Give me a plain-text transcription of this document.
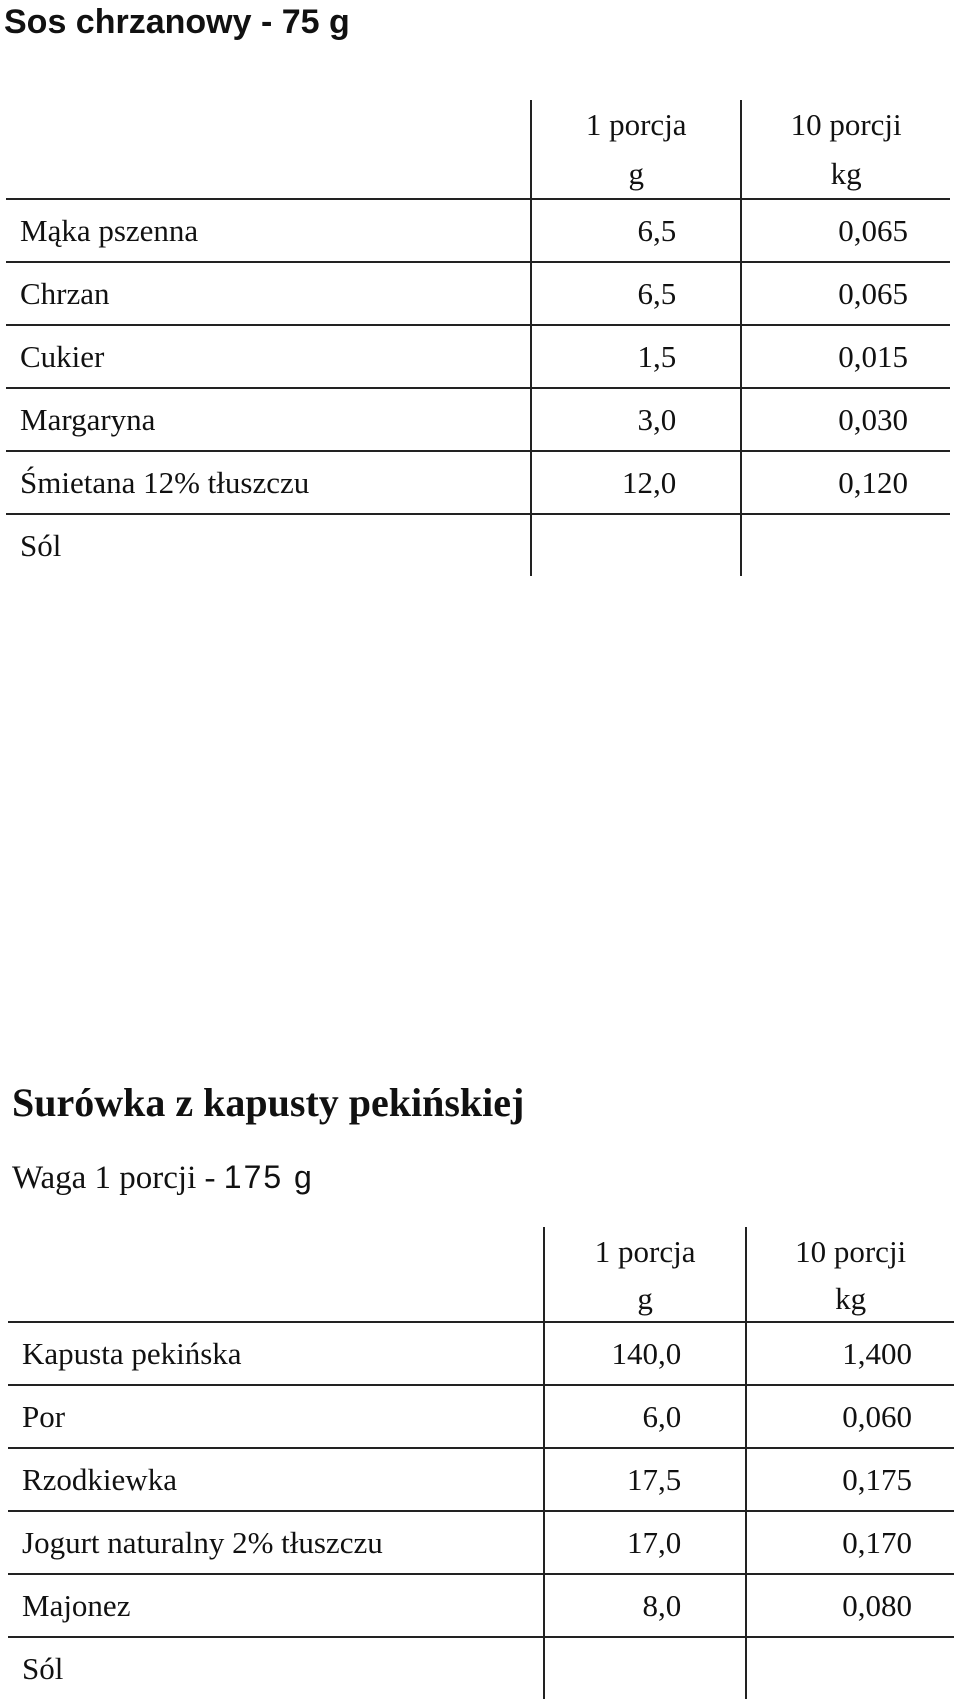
Sos chrzanowy - 75 g
	1 porcja	10 porcji
	g	kg
Mąka pszenna	6,5	0,065
Chrzan	6,5	0,065
Cukier	1,5	0,015
Margaryna	3,0	0,030
Śmietana 12% tłuszczu	12,0	0,120
Sól		
Surówka z kapusty pekińskiej
Waga 1 porcji - 175 g
	1 porcja	10 porcji
	g	kg
Kapusta pekińska	140,0	1,400
Por	6,0	0,060
Rzodkiewka	17,5	0,175
Jogurt naturalny 2% tłuszczu	17,0	0,170
Majonez	8,0	0,080
Sól		
